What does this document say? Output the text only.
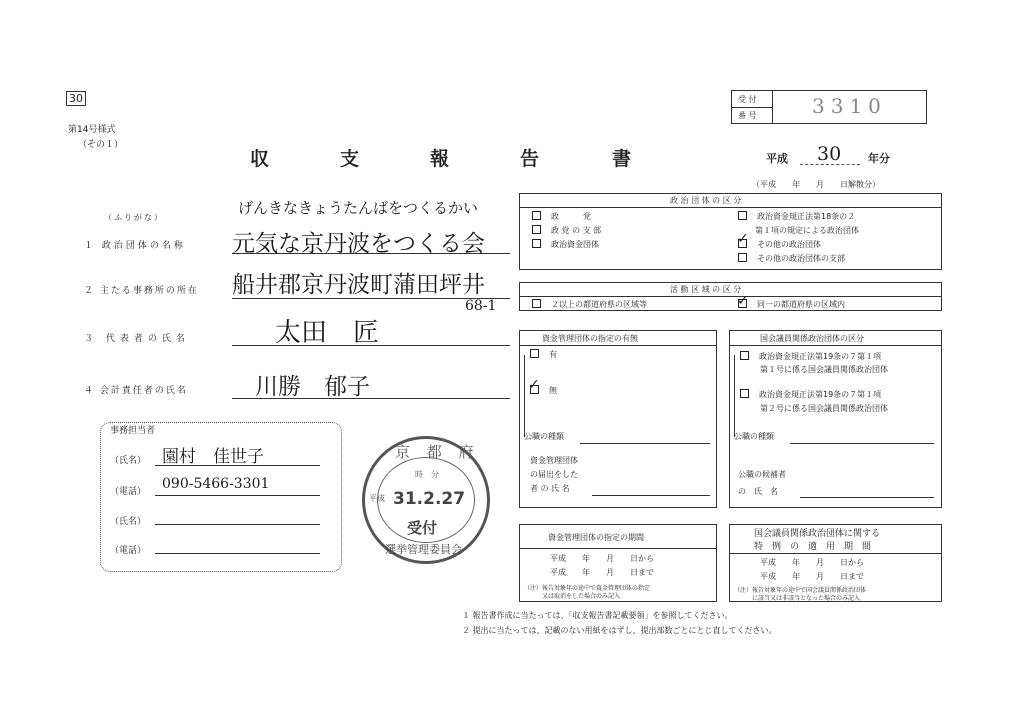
30
第14号様式
（その１）
収	支	報	告	書
受 付
番 号	3310
平成 30 年分
（平成　　年　　月　　日解散分）
（ふりがな）
げんきなきょうたんばをつくるかい
１ 政治団体の名称 元気な京丹波をつくる会
２ 主たる事務所の所在 船井郡京丹波町蒲田坪井
68-1
３ 代表者の氏名	太田　匠
４ 会計責任者の氏名	川勝　郁子
事務担当者
（氏名） 園村　佳世子
（電話） 090-5466-3301
（氏名）
（電話）
京 都 府
時　分
平成 31.2.27
受付
選挙管理委員会
政 治 団 体 の 区 分
政　　　党
政 党 の 支 部
政治資金団体
政治資金規正法第18条の２
第１項の規定による政治団体
その他の政治団体
その他の政治団体の支部
✓
活 動 区 域 の 区 分
２以上の都道府県の区域等	同一の都道府県の区域内
✓
資金管理団体の指定の有無
有
無
✓
公職の種類
資金管理団体
の届出をした
者 の 氏 名
国会議員関係政治団体の区分
政治資金規正法第19条の７第１項
第１号に係る国会議員関係政治団体
政治資金規正法第19条の７第１項
第２号に係る国会議員関係政治団体
公職の種類
公職の候補者
の　氏　名
資金管理団体の指定の期間
平成　　年　　月　　日から
平成　　年　　月　　日まで
（注） 報告対象年の途中で資金管理団体の指定
又は取消をした場合のみ記入
国会議員関係政治団体に関する
特　例　の　適　用　期　間
平成　　年　　月　　日から
平成　　年　　月　　日まで
（注） 報告対象年の途中で国会議員関係政治団体
に該当又は非該当となった場合のみ記入
１ 報告書作成に当たっては、「収支報告書記載要領」を参照してください。
２ 提出に当たっては、記載のない用紙をはずし、提出部数ごとにとじ直してください。
